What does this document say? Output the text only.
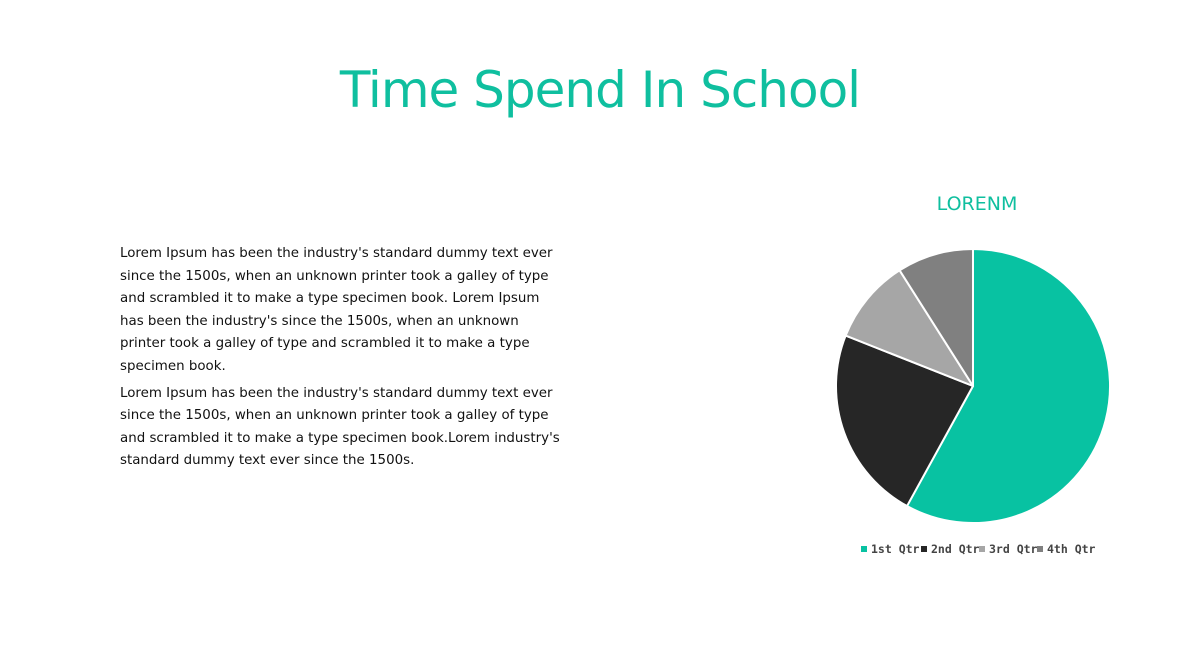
Time Spend In School

Lorem Ipsum has been the industry's standard dummy text ever since the 1500s, when an unknown printer took a galley of type and scrambled it to make a type specimen book. Lorem Ipsum has been the industry's since the 1500s, when an unknown printer took a galley of type and scrambled it to make a type specimen book.

Lorem Ipsum has been the industry's standard dummy text ever since the 1500s, when an unknown printer took a galley of type and scrambled it to make a type specimen book.Lorem industry's standard dummy text ever since the 1500s.

LORENM
1st Qtr 2nd Qtr 3rd Qtr 4th Qtr
